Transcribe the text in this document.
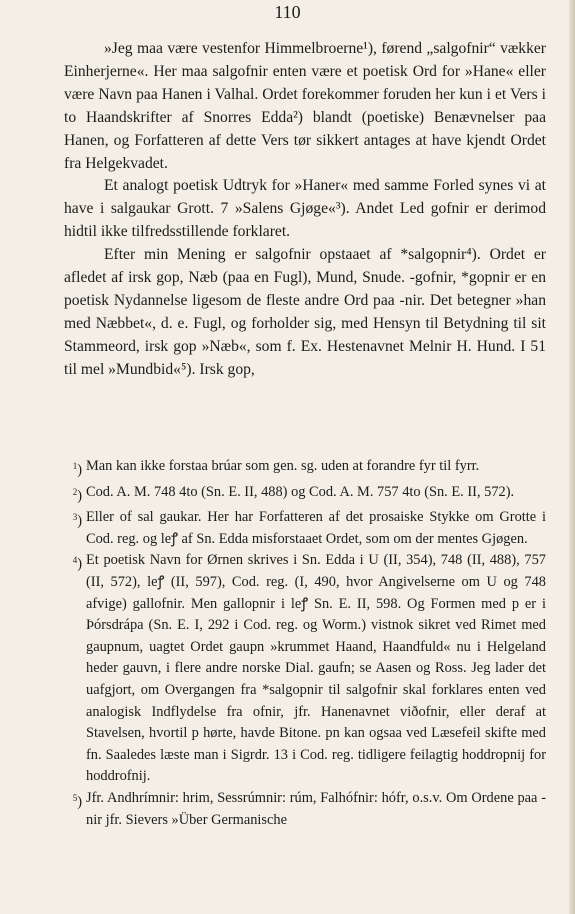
110

»Jeg maa være vestenfor Himmelbroerne¹), førend „salgofnir“ vækker Einherjerne«. Her maa salgofnir enten være et poetisk Ord for »Hane« eller være Navn paa Hanen i Valhal. Ordet forekommer foruden her kun i et Vers i to Haandskrifter af Snorres Edda²) blandt (poetiske) Benævnelser paa Hanen, og Forfatteren af dette Vers tør sikkert antages at have kjendt Ordet fra Helgekvadet.

Et analogt poetisk Udtryk for »Haner« med samme Forled synes vi at have i salgaukar Grott. 7 »Salens Gjøge«³). Andet Led gofnir er derimod hidtil ikke tilfredsstillende forklaret.

Efter min Mening er salgofnir opstaaet af *salgopnir⁴). Ordet er afledet af irsk gop, Næb (paa en Fugl), Mund, Snude. -gofnir, *gopnir er en poetisk Nydannelse ligesom de fleste andre Ord paa -nir. Det betegner »han med Næbbet«, d. e. Fugl, og forholder sig, med Hensyn til Betydning til sit Stammeord, irsk gop »Næb«, som f. Ex. Hestenavnet Melnir H. Hund. I 51 til mel »Mundbid«⁵). Irsk gop,

$^1$) Man kan ikke forstaa brúar som gen. sg. uden at forandre fyr til fyrr.
$^2$) Cod. A. M. 748 4to (Sn. E. II, 488) og Cod. A. M. 757 4to (Sn. E. II, 572).
$^3$) Eller of sal gaukar. Her har Forfatteren af det prosaiske Stykke om Grotte i Cod. reg. og leꝭ af Sn. Edda misforstaaet Ordet, som om der mentes Gjøgen.
$^4$) Et poetisk Navn for Ørnen skrives i Sn. Edda i U (II, 354), 748 (II, 488), 757 (II, 572), leꝭ (II, 597), Cod. reg. (I, 490, hvor Angivelserne om U og 748 afvige) gallofnir. Men gallopnir i leꝭ Sn. E. II, 598. Og Formen med p er i Þórsdrápa (Sn. E. I, 292 i Cod. reg. og Worm.) vistnok sikret ved Rimet med gaupnum, uagtet Ordet gaupn »krummet Haand, Haandfuld« nu i Helgeland heder gauvn, i flere andre norske Dial. gaufn; se Aasen og Ross. Jeg lader det uafgjort, om Overgangen fra *salgopnir til salgofnir skal forklares enten ved analogisk Indflydelse fra ofnir, jfr. Hanenavnet viðofnir, eller deraf at Stavelsen, hvortil p hørte, havde Bitone. pn kan ogsaa ved Læsefeil skifte med fn. Saaledes læste man i Sigrdr. 13 i Cod. reg. tidligere feilagtig hoddropnij for hoddrofnij.
$^5$) Jfr. Andhrímnir: hrim, Sessrúmnir: rúm, Falhófnir: hófr, o.s.v. Om Ordene paa -nir jfr. Sievers »Über Germanische
